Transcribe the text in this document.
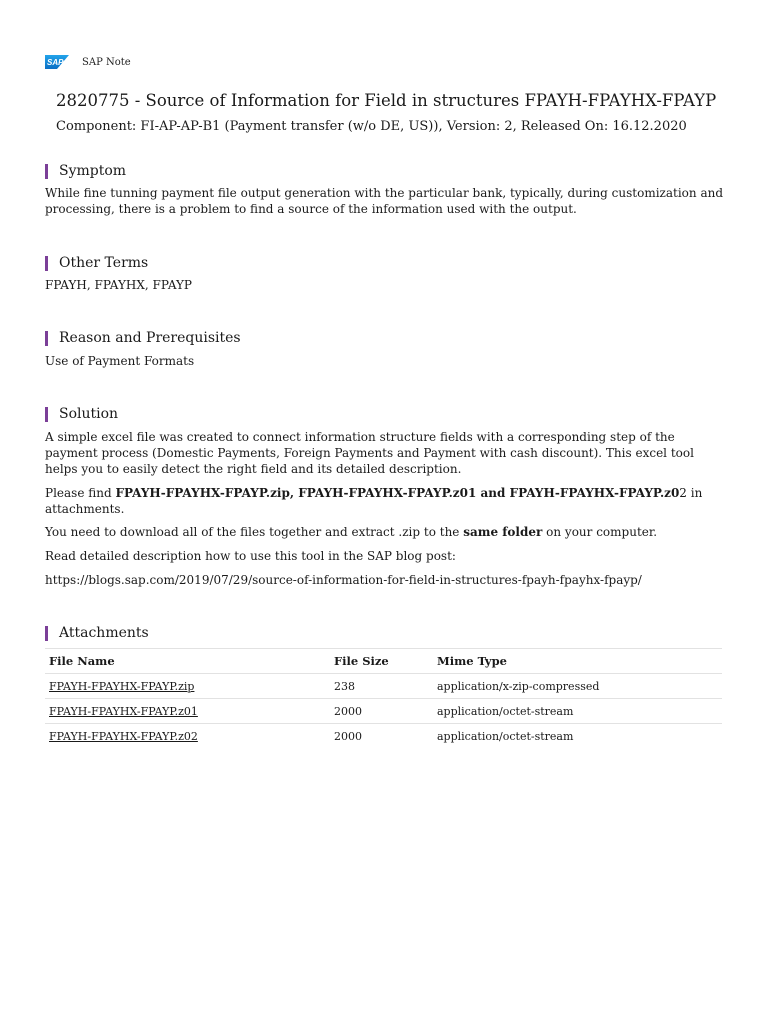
SAP SAP Note
2820775 - Source of Information for Field in structures FPAYH-FPAYHX-FPAYP
Component: FI-AP-AP-B1 (Payment transfer (w/o DE, US)), Version: 2, Released On: 16.12.2020
Symptom
While fine tunning payment file output generation with the particular bank, typically, during customization and processing, there is a problem to find a source of the information used with the output.
Other Terms
FPAYH, FPAYHX, FPAYP
Reason and Prerequisites
Use of Payment Formats
Solution
A simple excel file was created to connect information structure fields with a corresponding step of the payment process (Domestic Payments, Foreign Payments and Payment with cash discount). This excel tool helps you to easily detect the right field and its detailed description.
Please find FPAYH-FPAYHX-FPAYP.zip, FPAYH-FPAYHX-FPAYP.z01 and FPAYH-FPAYHX-FPAYP.z02 in attachments.
You need to download all of the files together and extract .zip to the same folder on your computer.
Read detailed description how to use this tool in the SAP blog post:
https://blogs.sap.com/2019/07/29/source-of-information-for-field-in-structures-fpayh-fpayhx-fpayp/
Attachments
File Name	File Size	Mime Type
FPAYH-FPAYHX-FPAYP.zip	238	application/x-zip-compressed
FPAYH-FPAYHX-FPAYP.z01	2000	application/octet-stream
FPAYH-FPAYHX-FPAYP.z02	2000	application/octet-stream
